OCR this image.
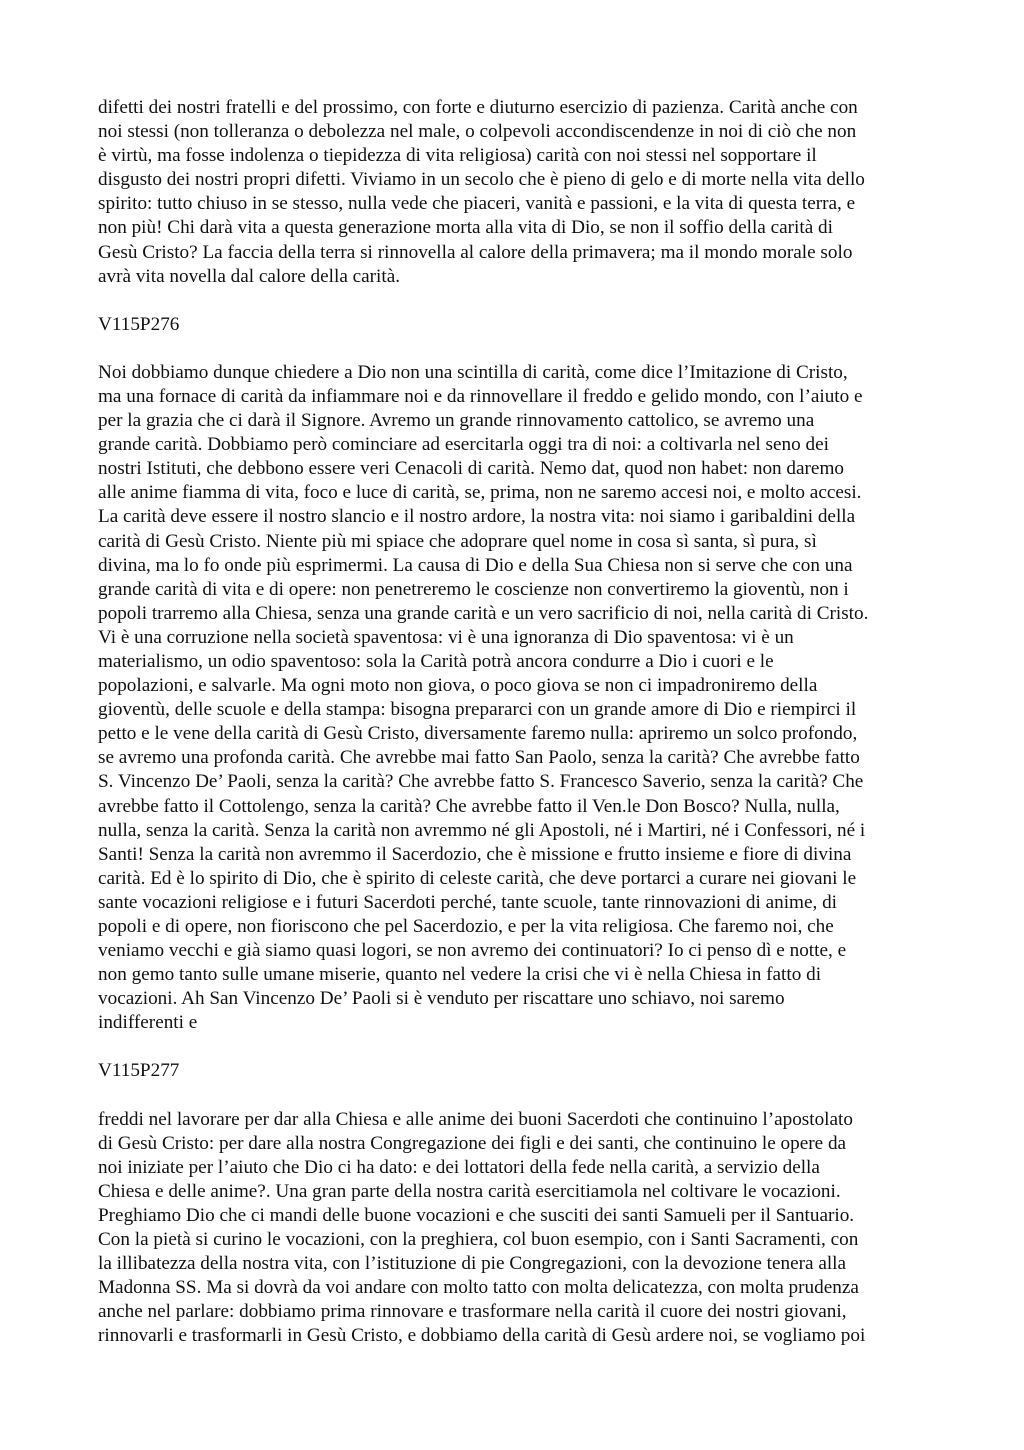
difetti dei nostri fratelli e del prossimo, con forte e diuturno esercizio di pazienza. Carità anche con
noi stessi (non tolleranza o debolezza nel male, o colpevoli accondiscendenze in noi di ciò che non
è virtù, ma fosse indolenza o tiepidezza di vita religiosa) carità con noi stessi nel sopportare il
disgusto dei nostri propri difetti. Viviamo in un secolo che è pieno di gelo e di morte nella vita dello
spirito: tutto chiuso in se stesso, nulla vede che piaceri, vanità e passioni, e la vita di questa terra, e
non più! Chi darà vita a questa generazione morta alla vita di Dio, se non il soffio della carità di
Gesù Cristo? La faccia della terra si rinnovella al calore della primavera; ma il mondo morale solo
avrà vita novella dal calore della carità.

V115P276

Noi dobbiamo dunque chiedere a Dio non una scintilla di carità, come dice l’Imitazione di Cristo,
ma una fornace di carità da infiammare noi e da rinnovellare il freddo e gelido mondo, con l’aiuto e
per la grazia che ci darà il Signore. Avremo un grande rinnovamento cattolico, se avremo una
grande carità. Dobbiamo però cominciare ad esercitarla oggi tra di noi: a coltivarla nel seno dei
nostri Istituti, che debbono essere veri Cenacoli di carità. Nemo dat, quod non habet: non daremo
alle anime fiamma di vita, foco e luce di carità, se, prima, non ne saremo accesi noi, e molto accesi.
La carità deve essere il nostro slancio e il nostro ardore, la nostra vita: noi siamo i garibaldini della
carità di Gesù Cristo. Niente più mi spiace che adoprare quel nome in cosa sì santa, sì pura, sì
divina, ma lo fo onde più esprimermi. La causa di Dio e della Sua Chiesa non si serve che con una
grande carità di vita e di opere: non penetreremo le coscienze non convertiremo la gioventù, non i
popoli trarremo alla Chiesa, senza una grande carità e un vero sacrificio di noi, nella carità di Cristo.
Vi è una corruzione nella società spaventosa: vi è una ignoranza di Dio spaventosa: vi è un
materialismo, un odio spaventoso: sola la Carità potrà ancora condurre a Dio i cuori e le
popolazioni, e salvarle. Ma ogni moto non giova, o poco giova se non ci impadroniremo della
gioventù, delle scuole e della stampa: bisogna prepararci con un grande amore di Dio e riempirci il
petto e le vene della carità di Gesù Cristo, diversamente faremo nulla: apriremo un solco profondo,
se avremo una profonda carità. Che avrebbe mai fatto San Paolo, senza la carità? Che avrebbe fatto
S. Vincenzo De’ Paoli, senza la carità? Che avrebbe fatto S. Francesco Saverio, senza la carità? Che
avrebbe fatto il Cottolengo, senza la carità? Che avrebbe fatto il Ven.le Don Bosco? Nulla, nulla,
nulla, senza la carità. Senza la carità non avremmo né gli Apostoli, né i Martiri, né i Confessori, né i
Santi! Senza la carità non avremmo il Sacerdozio, che è missione e frutto insieme e fiore di divina
carità. Ed è lo spirito di Dio, che è spirito di celeste carità, che deve portarci a curare nei giovani le
sante vocazioni religiose e i futuri Sacerdoti perché, tante scuole, tante rinnovazioni di anime, di
popoli e di opere, non fioriscono che pel Sacerdozio, e per la vita religiosa. Che faremo noi, che
veniamo vecchi e già siamo quasi logori, se non avremo dei continuatori? Io ci penso dì e notte, e
non gemo tanto sulle umane miserie, quanto nel vedere la crisi che vi è nella Chiesa in fatto di
vocazioni. Ah San Vincenzo De’ Paoli si è venduto per riscattare uno schiavo, noi saremo
indifferenti e

V115P277

freddi nel lavorare per dar alla Chiesa e alle anime dei buoni Sacerdoti che continuino l’apostolato
di Gesù Cristo: per dare alla nostra Congregazione dei figli e dei santi, che continuino le opere da
noi iniziate per l’aiuto che Dio ci ha dato: e dei lottatori della fede nella carità, a servizio della
Chiesa e delle anime?. Una gran parte della nostra carità esercitiamola nel coltivare le vocazioni.
Preghiamo Dio che ci mandi delle buone vocazioni e che susciti dei santi Samueli per il Santuario.
Con la pietà si curino le vocazioni, con la preghiera, col buon esempio, con i Santi Sacramenti, con
la illibatezza della nostra vita, con l’istituzione di pie Congregazioni, con la devozione tenera alla
Madonna SS. Ma si dovrà da voi andare con molto tatto con molta delicatezza, con molta prudenza
anche nel parlare: dobbiamo prima rinnovare e trasformare nella carità il cuore dei nostri giovani,
rinnovarli e trasformarli in Gesù Cristo, e dobbiamo della carità di Gesù ardere noi, se vogliamo poi
